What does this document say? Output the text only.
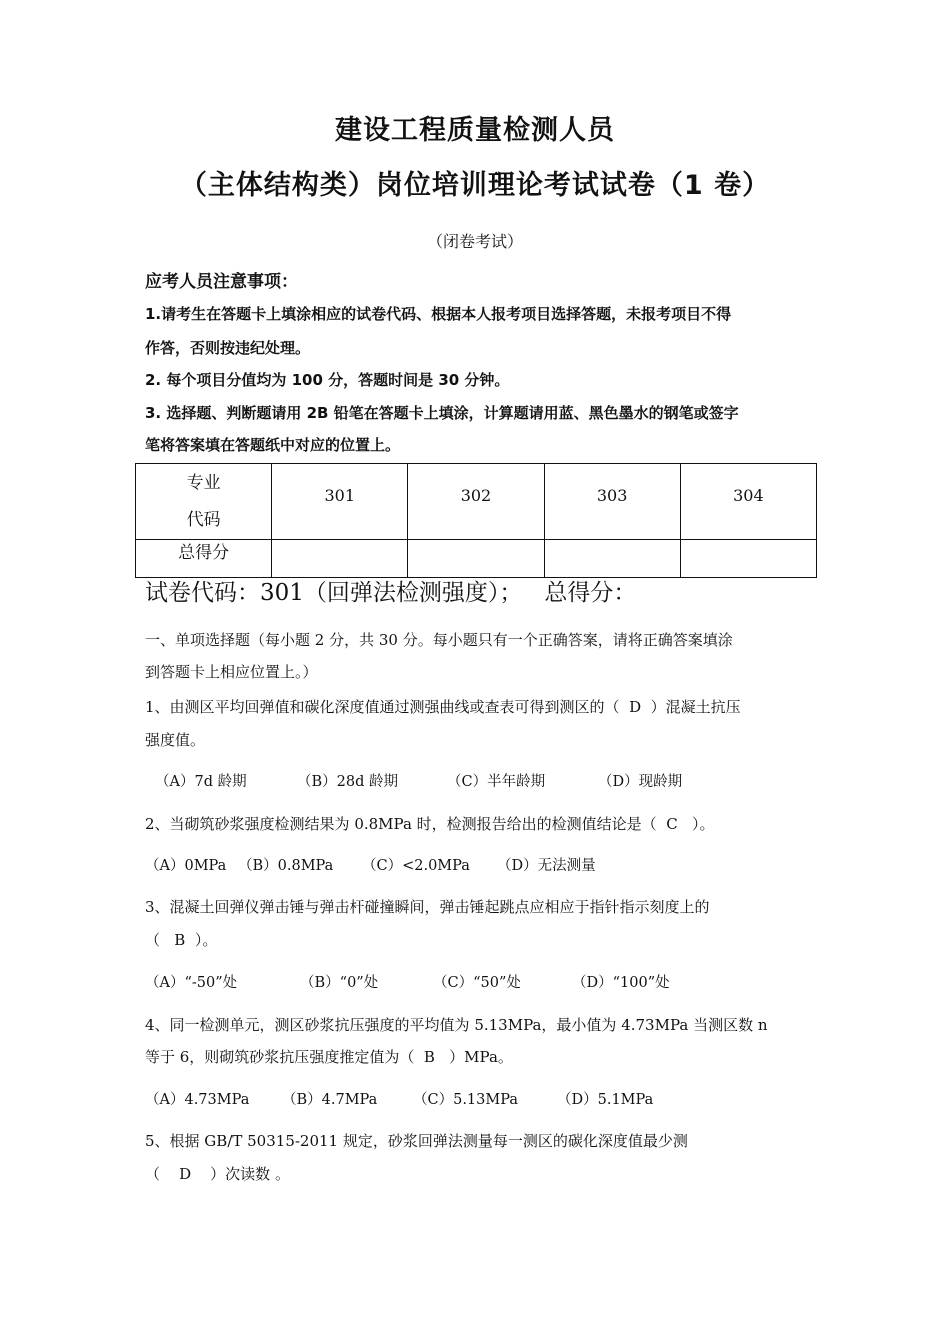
建设工程质量检测人员
（主体结构类）岗位培训理论考试试卷（1 卷）
（闭卷考试）
应考人员注意事项：
1.请考生在答题卡上填涂相应的试卷代码、根据本人报考项目选择答题，未报考项目不得
作答，否则按违纪处理。
2. 每个项目分值均为 100 分，答题时间是 30 分钟。
3. 选择题、判断题请用 2B 铅笔在答题卡上填涂，计算题请用蓝、黑色墨水的钢笔或签字
笔将答案填在答题纸中对应的位置上。
专业
代码	301	302	303	304
总得分				
试卷代码：301（回弹法检测强度）；   总得分：
一、单项选择题（每小题 2 分，共 30 分。每小题只有一个正确答案，请将正确答案填涂
到答题卡上相应位置上。）
1、由测区平均回弹值和碳化深度值通过测强曲线或查表可得到测区的（  D  ）混凝土抗压
强度值。
（A）7d 龄期	（B）28d 龄期	（C）半年龄期	（D）现龄期
2、当砌筑砂浆强度检测结果为 0.8MPa 时，检测报告给出的检测值结论是（  C   ）。
（A）0MPa （B）0.8MPa （C）<2.0MPa （D）无法测量
3、混凝土回弹仪弹击锤与弹击杆碰撞瞬间，弹击锤起跳点应相应于指针指示刻度上的
（   B  ）。
（A）“-50”处	（B）“0”处	（C）“50”处	（D）“100”处
4、同一检测单元，测区砂浆抗压强度的平均值为 5.13MPa，最小值为 4.73MPa 当测区数 n
等于 6，则砌筑砂浆抗压强度推定值为（  B   ）MPa。
（A）4.73MPa （B）4.7MPa （C）5.13MPa	（D）5.1MPa
5、根据 GB/T 50315-2011 规定，砂浆回弹法测量每一测区的碳化深度值最少测
（    D    ）次读数 。
